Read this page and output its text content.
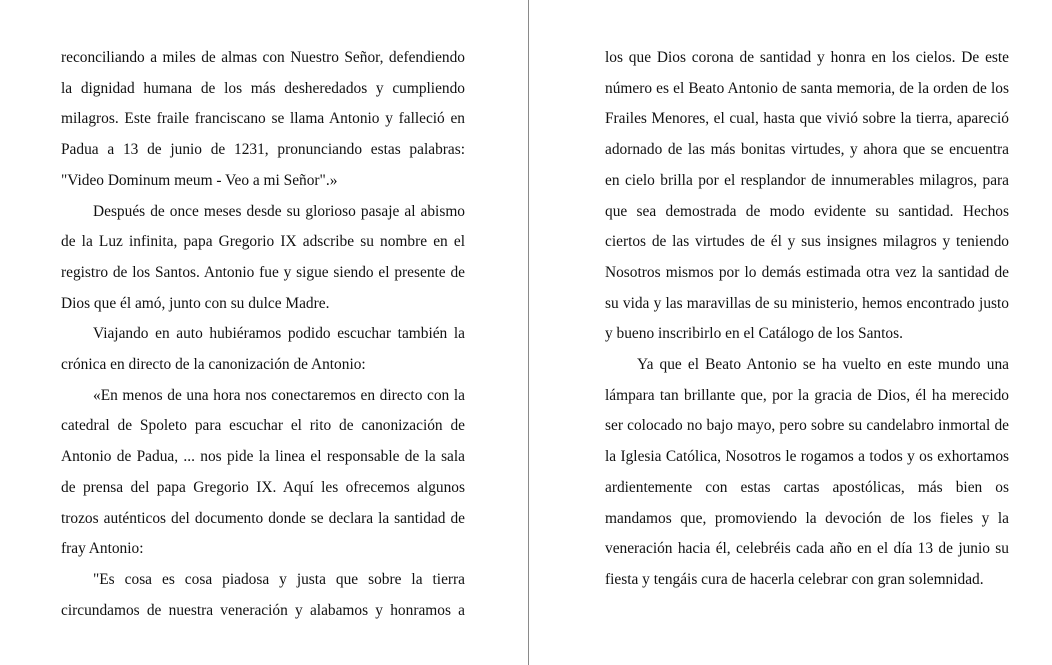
reconciliando a miles de almas con Nuestro Señor, defendiendo la dignidad humana de los más desheredados y cumpliendo milagros. Este fraile franciscano se llama Antonio y falleció en Padua a 13 de junio de 1231, pronunciando estas palabras: "Video Dominum meum - Veo a mi Señor".»

Después de once meses desde su glorioso pasaje al abismo de la Luz infinita, papa Gregorio IX adscribe su nombre en el registro de los Santos. Antonio fue y sigue siendo el presente de Dios que él amó, junto con su dulce Madre.

Viajando en auto hubiéramos podido escuchar también la crónica en directo de la canonización de Antonio:

«En menos de una hora nos conectaremos en directo con la catedral de Spoleto para escuchar el rito de canonización de Antonio de Padua, ... nos pide la linea el responsable de la sala de prensa del papa Gregorio IX. Aquí les ofrecemos algunos trozos auténticos del documento donde se declara la santidad de fray Antonio:

"Es cosa es cosa piadosa y justa que sobre la tierra circundamos de nuestra veneración y alabamos y honramos a

los que Dios corona de santidad y honra en los cielos. De este número es el Beato Antonio de santa memoria, de la orden de los Frailes Menores, el cual, hasta que vivió sobre la tierra, apareció adornado de las más bonitas virtudes, y ahora que se encuentra en cielo brilla por el resplandor de innumerables milagros, para que sea demostrada de modo evidente su santidad. Hechos ciertos de las virtudes de él y sus insignes milagros y teniendo Nosotros mismos por lo demás estimada otra vez la santidad de su vida y las maravillas de su ministerio, hemos encontrado justo y bueno inscribirlo en el Catálogo de los Santos.

Ya que el Beato Antonio se ha vuelto en este mundo una lámpara tan brillante que, por la gracia de Dios, él ha merecido ser colocado no bajo mayo, pero sobre su candelabro inmortal de la Iglesia Católica, Nosotros le rogamos a todos y os exhortamos ardientemente con estas cartas apostólicas, más bien os mandamos que, promoviendo la devoción de los fieles y la veneración hacia él, celebréis cada año en el día 13 de junio su fiesta y tengáis cura de hacerla celebrar con gran solemnidad.
